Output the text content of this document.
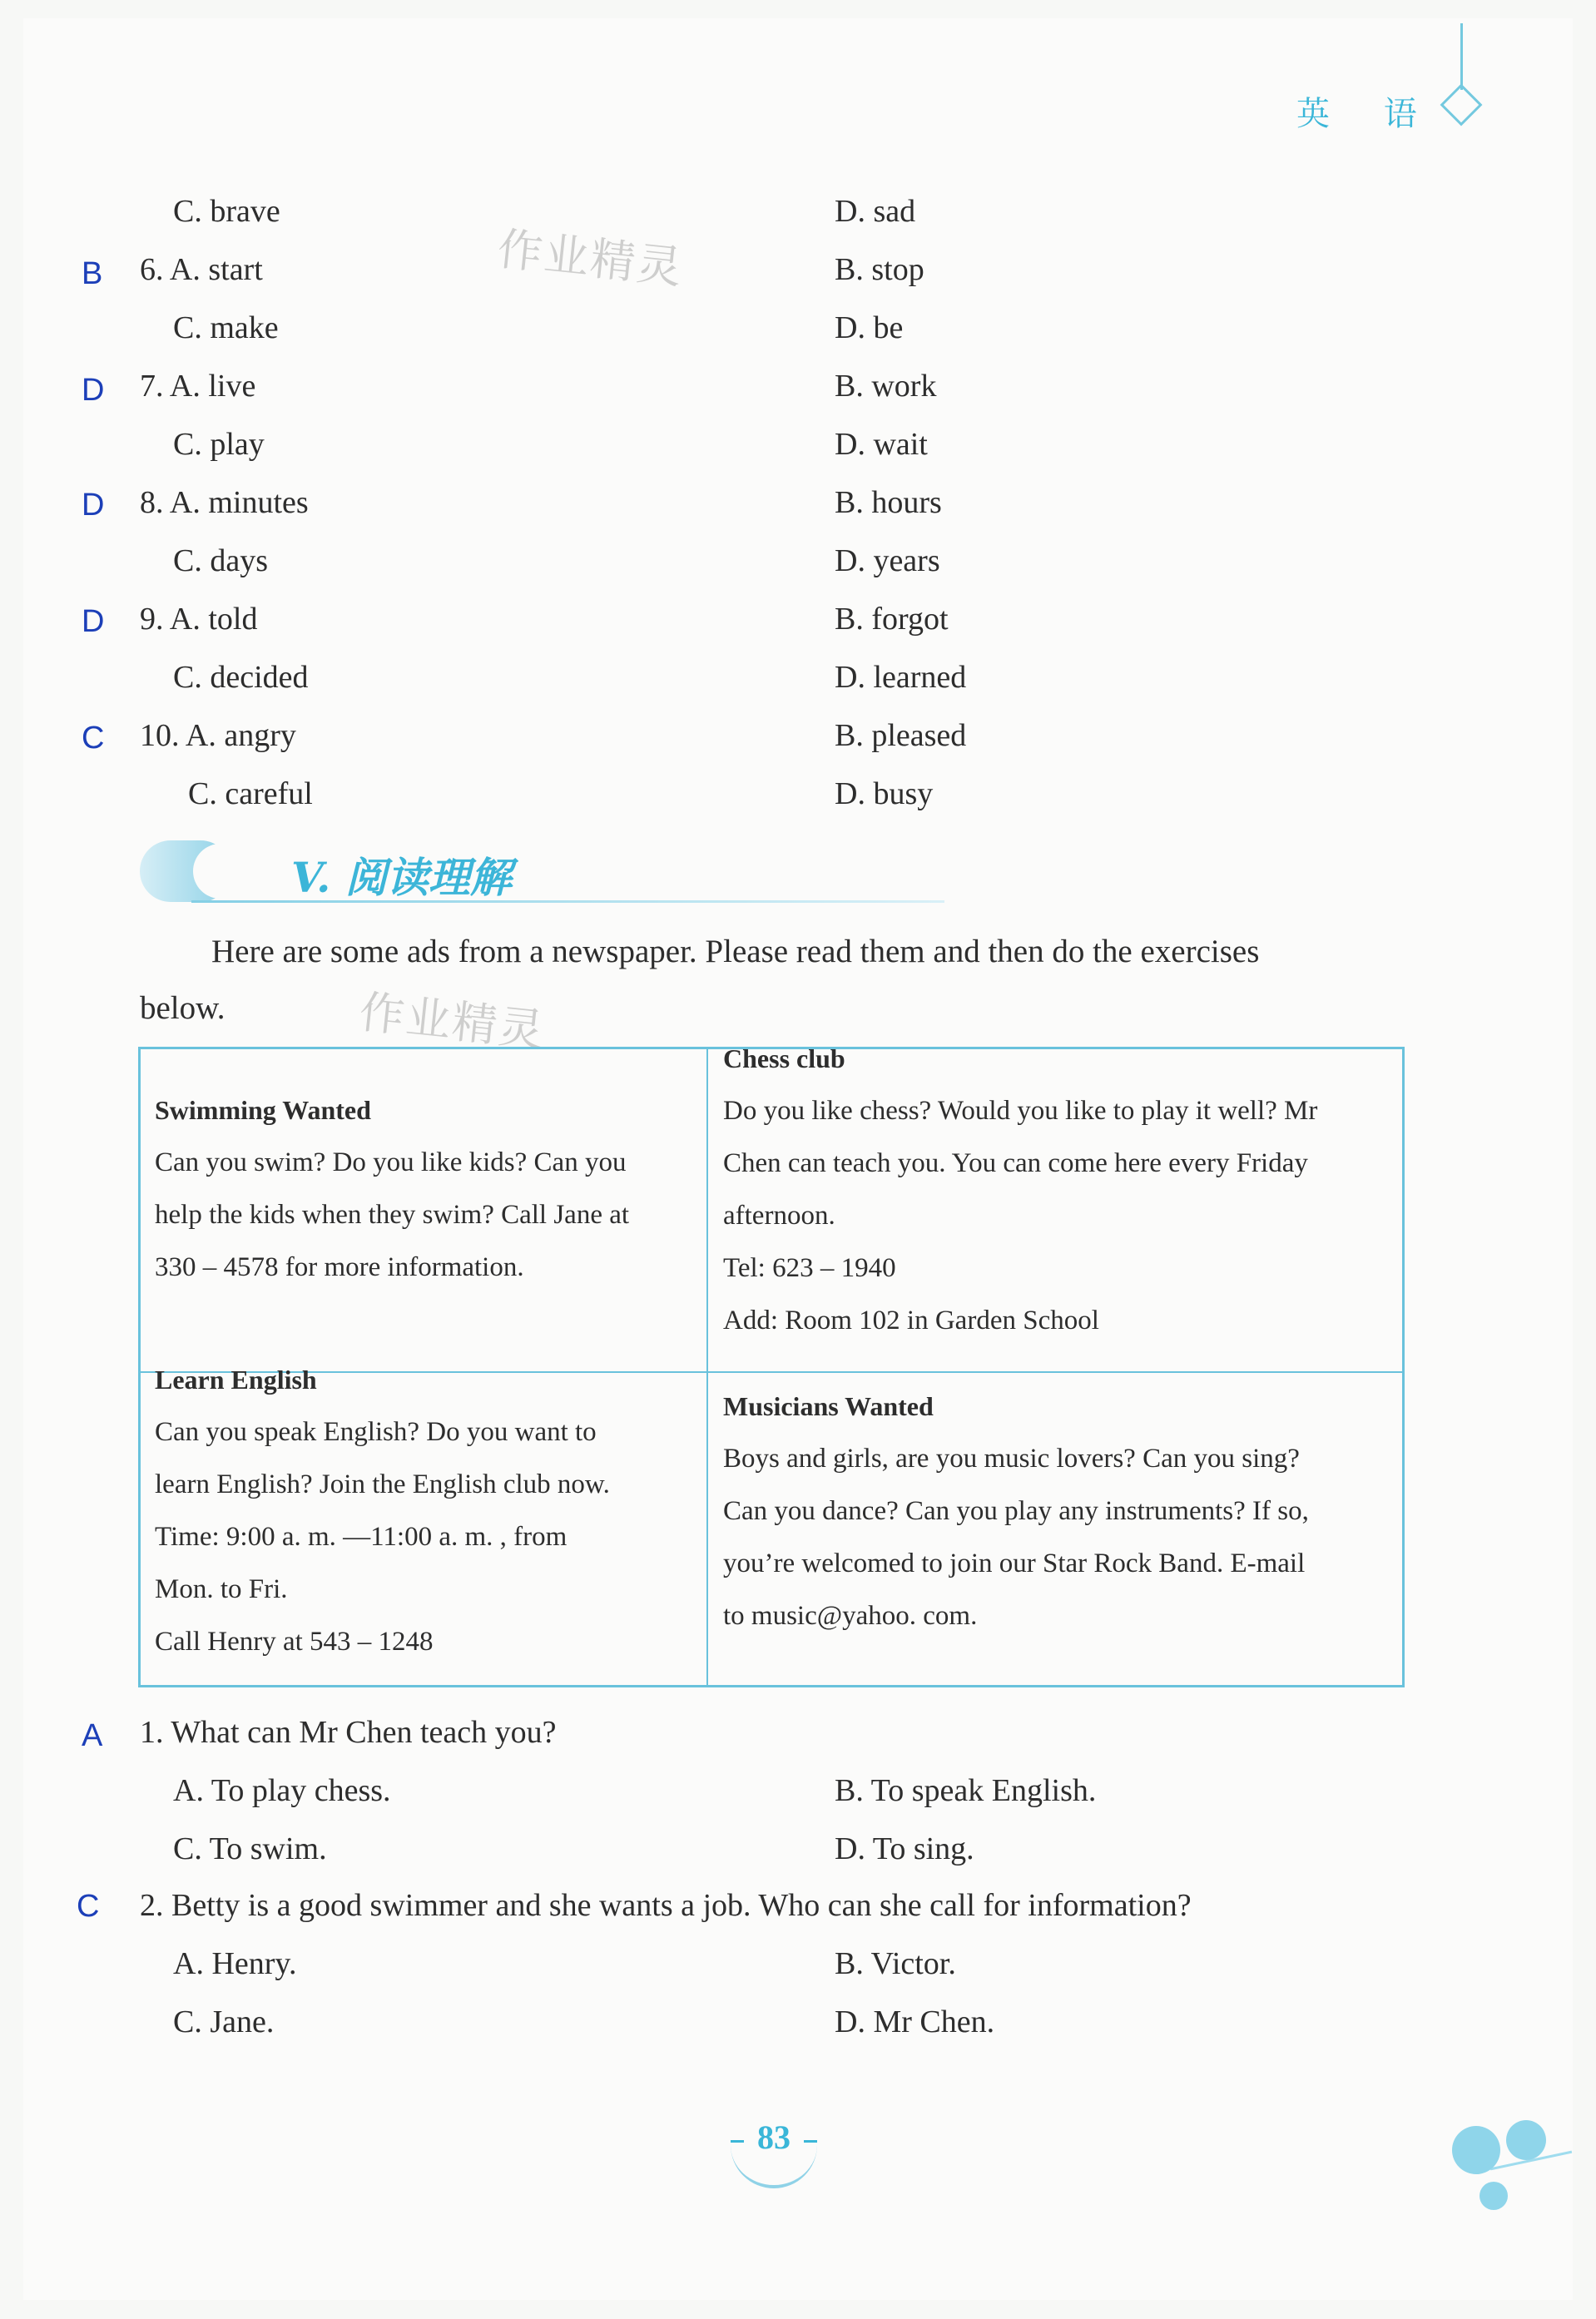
英 语
作业精灵
作业精灵
B
D
D
D
C
C. brave	D. sad
6. A. start	B. stop
C. make	D. be
7. A. live	B. work
C. play	D. wait
8. A. minutes	B. hours
C. days	D. years
9. A. told	B. forgot
C. decided	D. learned
10. A. angry	B. pleased
C. careful	D. busy
V. 阅读理解
Here are some ads from a newspaper. Please read them and then do the exercises
below.
Swimming Wanted
Can you swim? Do you like kids? Can you
help the kids when they swim? Call Jane at
330 – 4578 for more information.
Chess club
Do you like chess? Would you like to play it well? Mr
Chen can teach you. You can come here every Friday
afternoon.
Tel: 623 – 1940
Add: Room 102 in Garden School
Learn English
Can you speak English? Do you want to
learn English? Join the English club now.
Time: 9:00 a. m. —11:00 a. m. , from
Mon. to Fri.
Call Henry at 543 – 1248
Musicians Wanted
Boys and girls, are you music lovers? Can you sing?
Can you dance? Can you play any instruments? If so,
you’re welcomed to join our Star Rock Band. E-mail
to music@yahoo. com.
A 1. What can Mr Chen teach you?
A. To play chess.	B. To speak English.
C. To swim.	D. To sing.
C 2. Betty is a good swimmer and she wants a job. Who can she call for information?
A. Henry.	B. Victor.
C. Jane.	D. Mr Chen.
83
